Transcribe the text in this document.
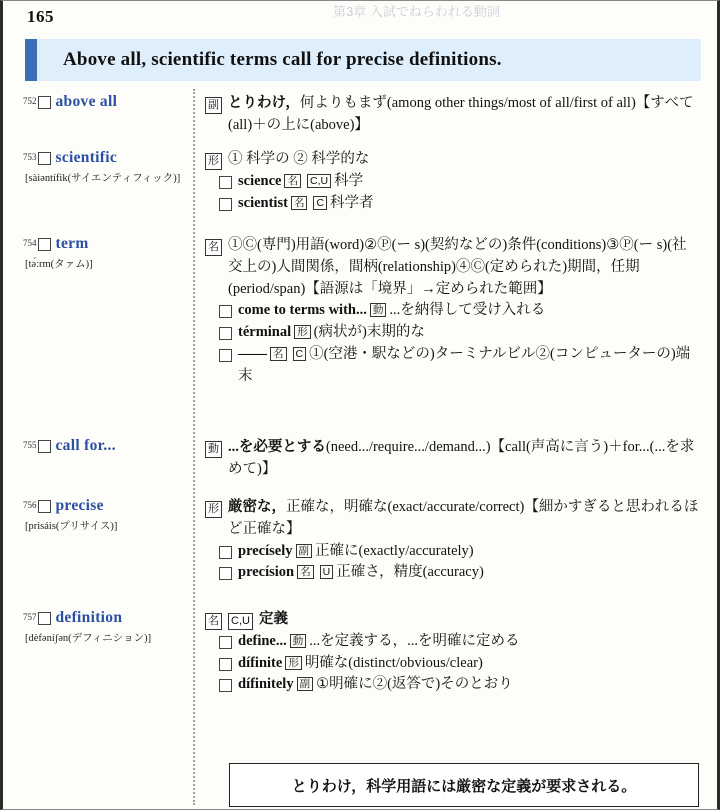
165	第3章 入試でねらわれる動詞
Above all, scientific terms call for precise definitions.
752 above all	副 とりわけ，何よりもまず(among other things/most of all/first of all)【すべて(all)＋の上に(above)】
753 scientific
[sàiəntífik(サイエンティフィック)]
形 ① 科学の ② 科学的な
science 名 C,U 科学
scientist 名 C 科学者
754 term
[tə́ːrm(タァム)]
名 ①Ⓒ(専門)用語(word)②Ⓟ(ー s)(契約などの)条件(conditions)③Ⓟ(ー s)(社交上の)人間関係，間柄(relationship)④Ⓒ(定められた)期間，任期(period/span)【語源は「境界」→定められた範囲】
come to terms with... 動 ...を納得して受け入れる
términal 形 (病状が)末期的な
—— 名 C ①(空港・駅などの)ターミナルビル②(コンピューターの)端末
755 call for...	動 ...を必要とする(need.../require.../demand...)【call(声高に言う)＋for...(...を求めて)】
756 precise
[prisáis(プリサイス)]
形 厳密な，正確な，明確な(exact/accurate/correct)【細かすぎると思われるほど正確な】
precísely 副 正確に(exactly/accurately)
precísion 名 U 正確さ，精度(accuracy)
757 definition
[dèfəníʃən(デフィニション)]
名 C,U 定義
define... 動 ...を定義する，...を明確に定める
dífinite 形 明確な(distinct/obvious/clear)
dífinitely 副 ①明確に②(返答で)そのとおり
とりわけ，科学用語には厳密な定義が要求される。
